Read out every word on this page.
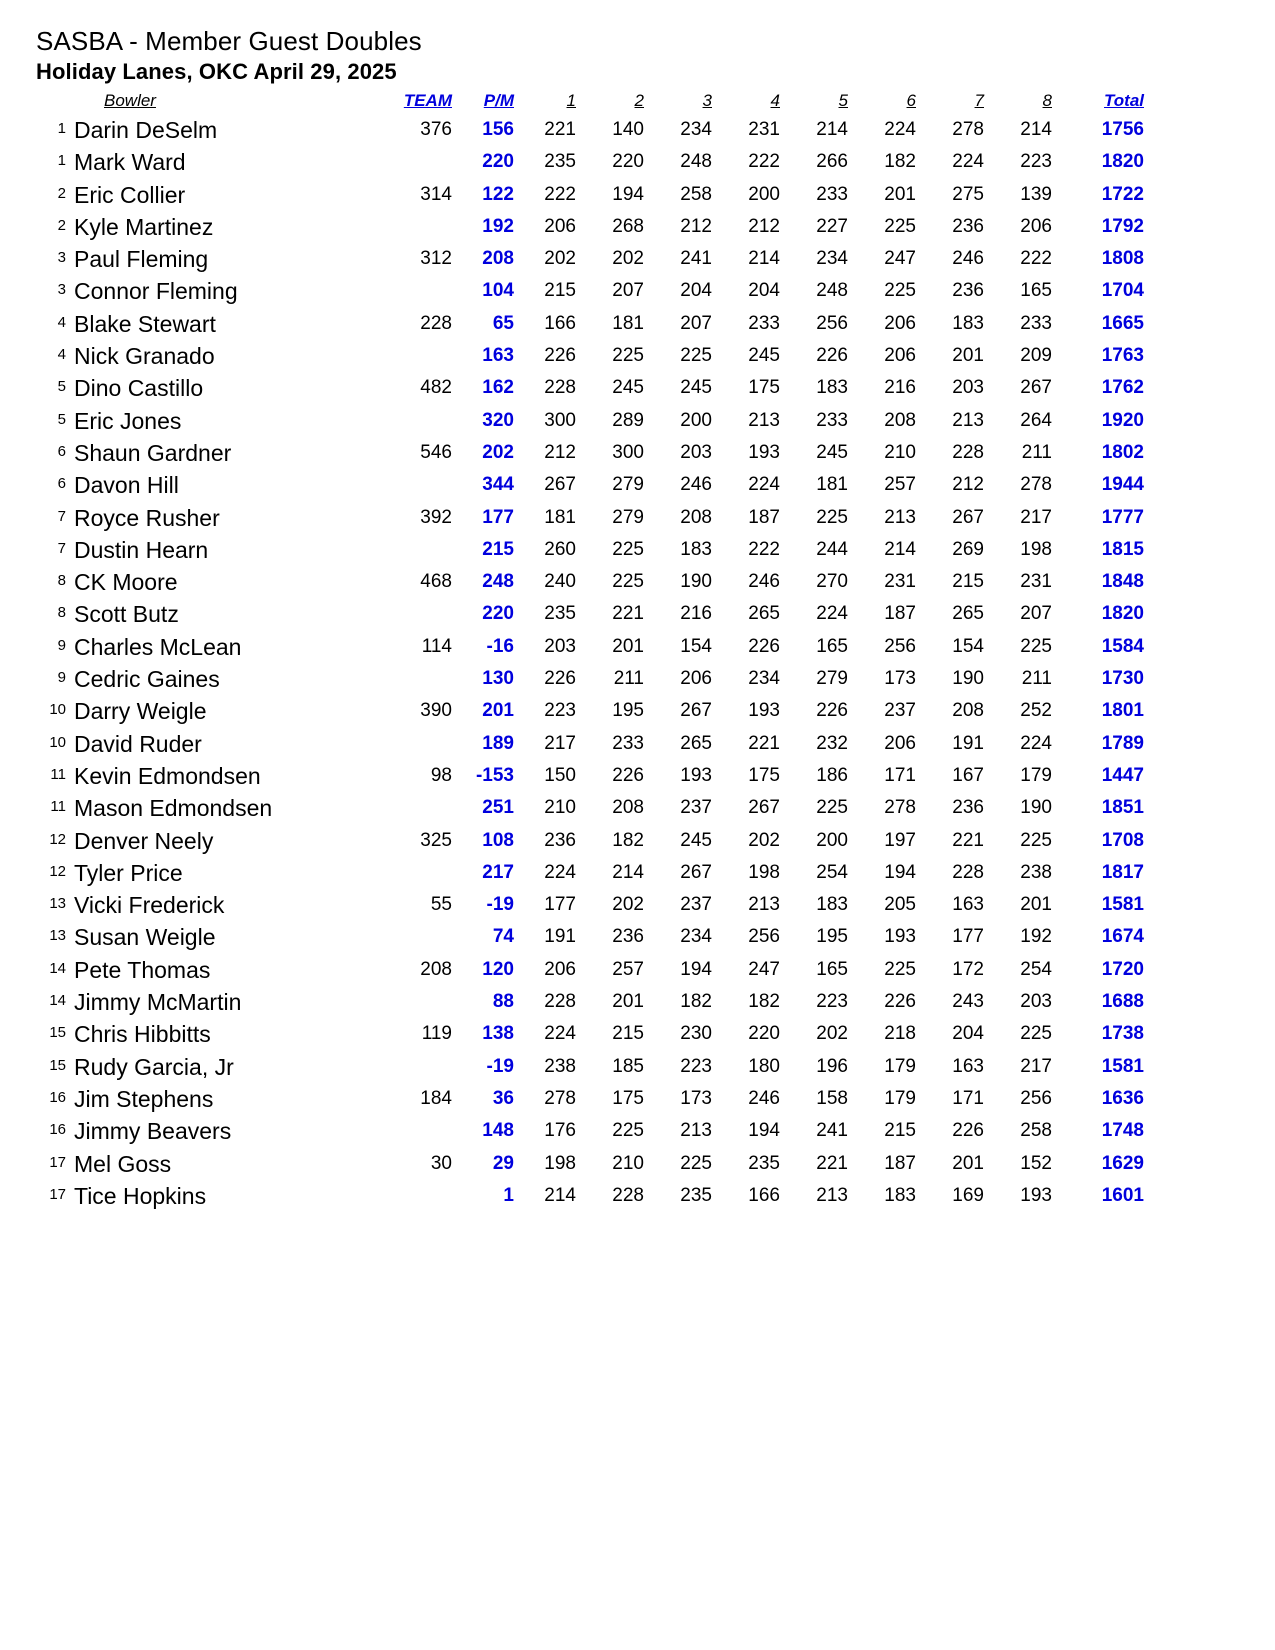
SASBA - Member Guest Doubles
Holiday Lanes, OKC April 29, 2025
	Bowler	TEAM	P/M	1	2	3	4	5	6	7	8	Total
1	Darin DeSelm	376	156	221	140	234	231	214	224	278	214	1756
1	Mark Ward		220	235	220	248	222	266	182	224	223	1820
2	Eric Collier	314	122	222	194	258	200	233	201	275	139	1722
2	Kyle Martinez		192	206	268	212	212	227	225	236	206	1792
3	Paul Fleming	312	208	202	202	241	214	234	247	246	222	1808
3	Connor Fleming		104	215	207	204	204	248	225	236	165	1704
4	Blake Stewart	228	65	166	181	207	233	256	206	183	233	1665
4	Nick Granado		163	226	225	225	245	226	206	201	209	1763
5	Dino Castillo	482	162	228	245	245	175	183	216	203	267	1762
5	Eric Jones		320	300	289	200	213	233	208	213	264	1920
6	Shaun Gardner	546	202	212	300	203	193	245	210	228	211	1802
6	Davon Hill		344	267	279	246	224	181	257	212	278	1944
7	Royce Rusher	392	177	181	279	208	187	225	213	267	217	1777
7	Dustin Hearn		215	260	225	183	222	244	214	269	198	1815
8	CK Moore	468	248	240	225	190	246	270	231	215	231	1848
8	Scott Butz		220	235	221	216	265	224	187	265	207	1820
9	Charles McLean	114	-16	203	201	154	226	165	256	154	225	1584
9	Cedric Gaines		130	226	211	206	234	279	173	190	211	1730
10	Darry Weigle	390	201	223	195	267	193	226	237	208	252	1801
10	David Ruder		189	217	233	265	221	232	206	191	224	1789
11	Kevin Edmondsen	98	-153	150	226	193	175	186	171	167	179	1447
11	Mason Edmondsen		251	210	208	237	267	225	278	236	190	1851
12	Denver Neely	325	108	236	182	245	202	200	197	221	225	1708
12	Tyler Price		217	224	214	267	198	254	194	228	238	1817
13	Vicki Frederick	55	-19	177	202	237	213	183	205	163	201	1581
13	Susan Weigle		74	191	236	234	256	195	193	177	192	1674
14	Pete Thomas	208	120	206	257	194	247	165	225	172	254	1720
14	Jimmy McMartin		88	228	201	182	182	223	226	243	203	1688
15	Chris Hibbitts	119	138	224	215	230	220	202	218	204	225	1738
15	Rudy Garcia, Jr		-19	238	185	223	180	196	179	163	217	1581
16	Jim Stephens	184	36	278	175	173	246	158	179	171	256	1636
16	Jimmy Beavers		148	176	225	213	194	241	215	226	258	1748
17	Mel Goss	30	29	198	210	225	235	221	187	201	152	1629
17	Tice Hopkins		1	214	228	235	166	213	183	169	193	1601
